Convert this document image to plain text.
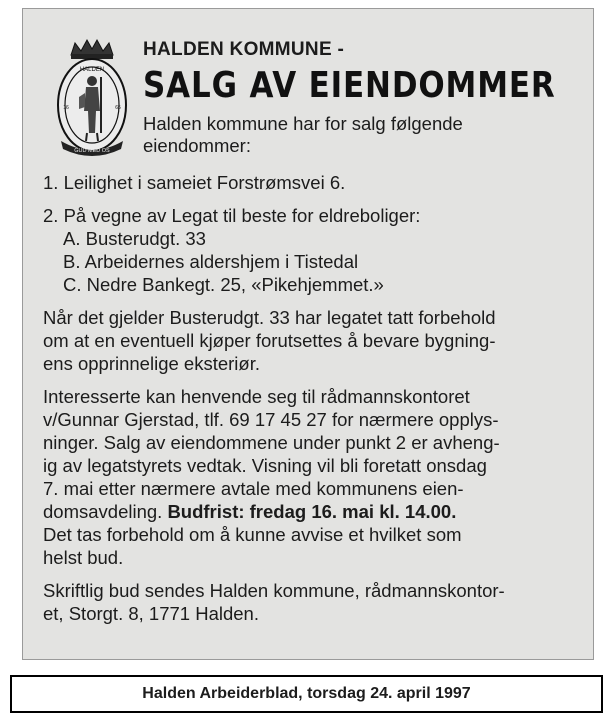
HALDEN
16	65
GUD MED OS

HALDEN KOMMUNE -

SALG AV EIENDOMMER

Halden kommune har for salg følgende
eiendommer:

1. Leilighet i sameiet Forstrømsvei 6.

2. På vegne av Legat til beste for eldreboliger:

A. Busterudgt. 33

B. Arbeidernes aldershjem i Tistedal

C. Nedre Bankegt. 25, «Pikehjemmet.»

Når det gjelder Busterudgt. 33 har legatet tatt forbehold

om at en eventuell kjøper forutsettes å bevare bygning-

ens opprinnelige eksteriør.

Interesserte kan henvende seg til rådmannskontoret

v/Gunnar Gjerstad, tlf. 69 17 45 27 for nærmere opplys-

ninger. Salg av eiendommene under punkt 2 er avheng-

ig av legatstyrets vedtak. Visning vil bli foretatt onsdag

7. mai etter nærmere avtale med kommunens eien-

domsavdeling. Budfrist: fredag 16. mai kl. 14.00.

Det tas forbehold om å kunne avvise et hvilket som

helst bud.

Skriftlig bud sendes Halden kommune, rådmannskontor-

et, Storgt. 8, 1771 Halden.

Halden Arbeiderblad, torsdag 24. april 1997
